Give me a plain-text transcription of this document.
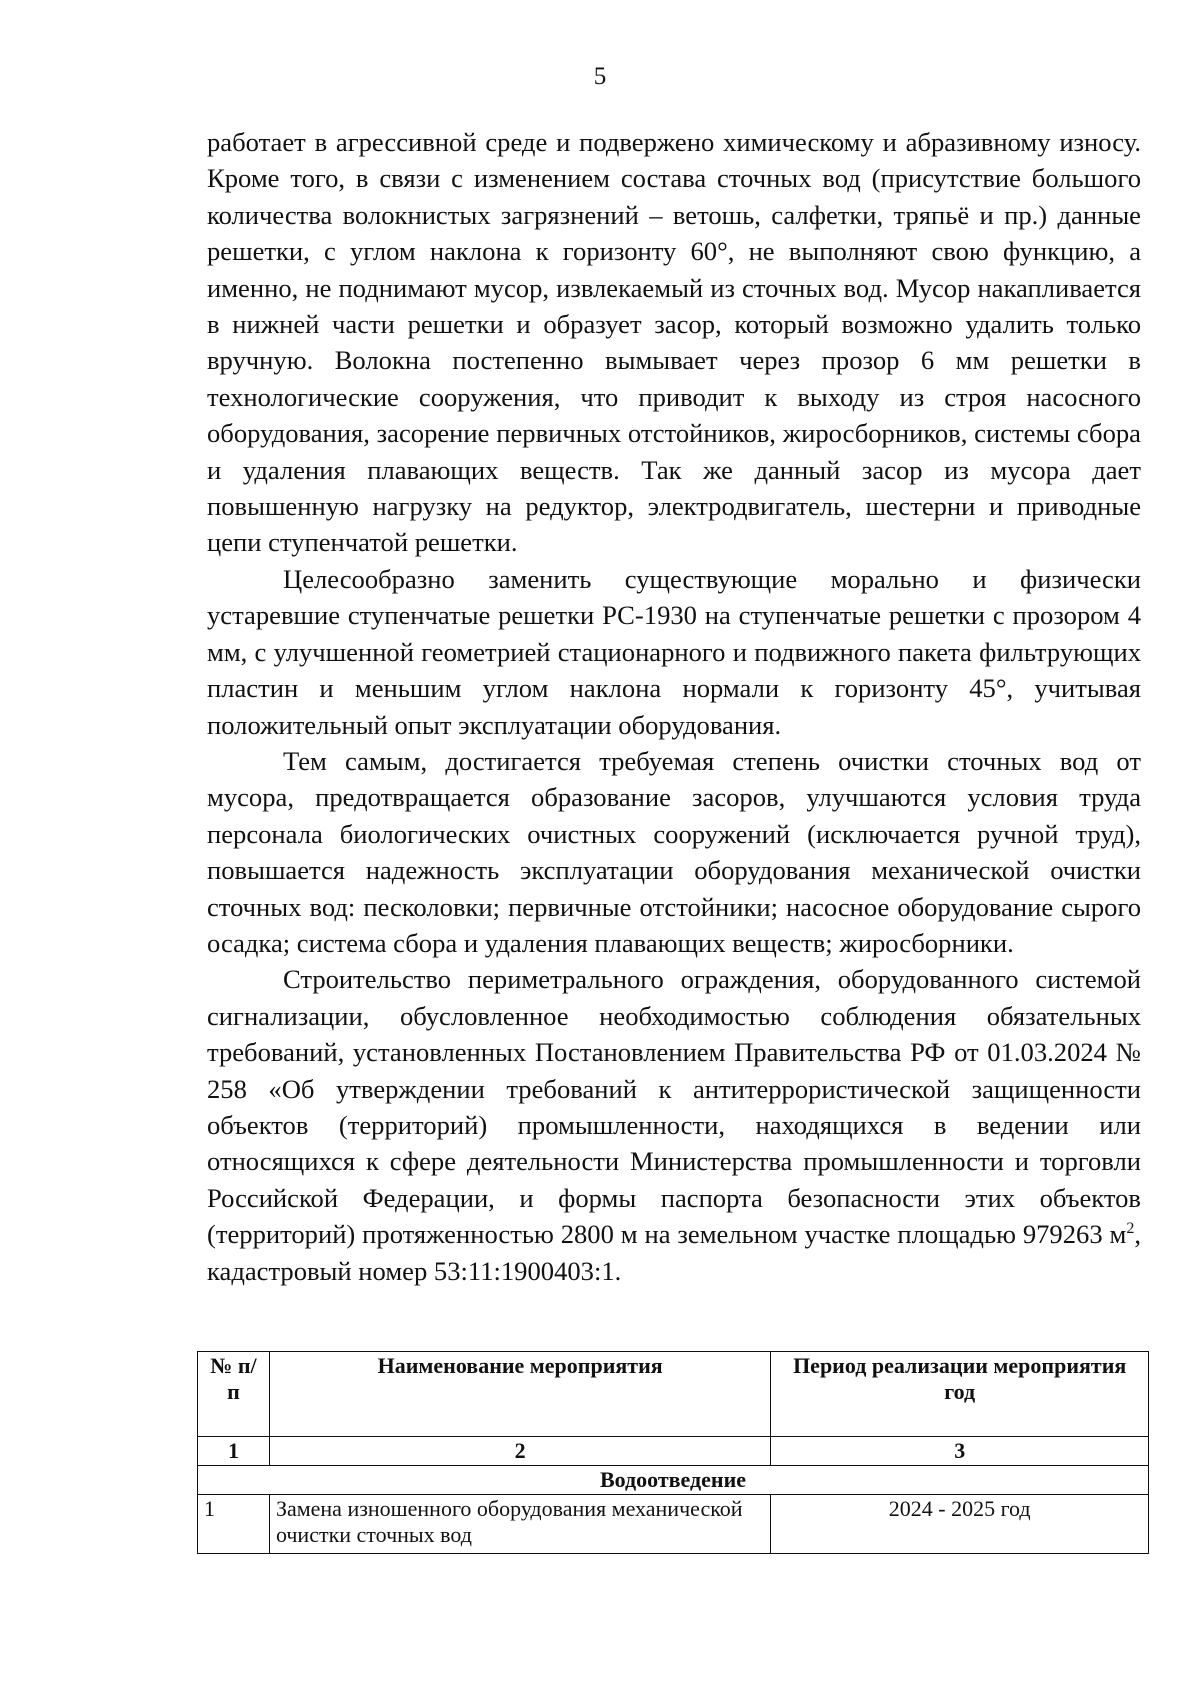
5

работает в агрессивной среде и подвержено химическому и абразивному износу. Кроме того, в связи с изменением состава сточных вод (присутствие большого количества волокнистых загрязнений – ветошь, салфетки, тряпьё и пр.) данные решетки, с углом наклона к горизонту 60°, не выполняют свою функцию, а именно, не поднимают мусор, извлекаемый из сточных вод. Мусор накапливается в нижней части решетки и образует засор, который возможно удалить только вручную. Волокна постепенно вымывает через прозор 6 мм решетки в технологические сооружения, что приводит к выходу из строя насосного оборудования, засорение первичных отстойников, жиросборников, системы сбора и удаления плавающих веществ. Так же данный засор из мусора дает повышенную нагрузку на редуктор, электродвигатель, шестерни и приводные цепи ступенчатой решетки.

Целесообразно заменить существующие морально и физически устаревшие ступенчатые решетки РС-1930 на ступенчатые решетки с прозором 4 мм, с улучшенной геометрией стационарного и подвижного пакета фильтрующих пластин и меньшим углом наклона нормали к горизонту 45°, учитывая положительный опыт эксплуатации оборудования.

Тем самым, достигается требуемая степень очистки сточных вод от мусора, предотвращается образование засоров, улучшаются условия труда персонала биологических очистных сооружений (исключается ручной труд), повышается надежность эксплуатации оборудования механической очистки сточных вод: песколовки; первичные отстойники; насосное оборудование сырого осадка; система сбора и удаления плавающих веществ; жиросборники.

Строительство периметрального ограждения, оборудованного системой сигнализации, обусловленное необходимостью соблюдения обязательных требований, установленных Постановлением Правительства РФ от 01.03.2024 № 258 «Об утверждении требований к антитеррористической защищенности объектов (территорий) промышленности, находящихся в ведении или относящихся к сфере деятельности Министерства промышленности и торговли Российской Федерации, и формы паспорта безопасности этих объектов (территорий) протяженностью 2800 м на земельном участке площадью 979263 $м^2$, кадастровый номер 53:11:1900403:1.

№ п/п	Наименование мероприятия	Период реализации мероприятия год
1	2	3
Водоотведение		
1	Замена изношенного оборудования механической очистки сточных вод	2024 - 2025 год
